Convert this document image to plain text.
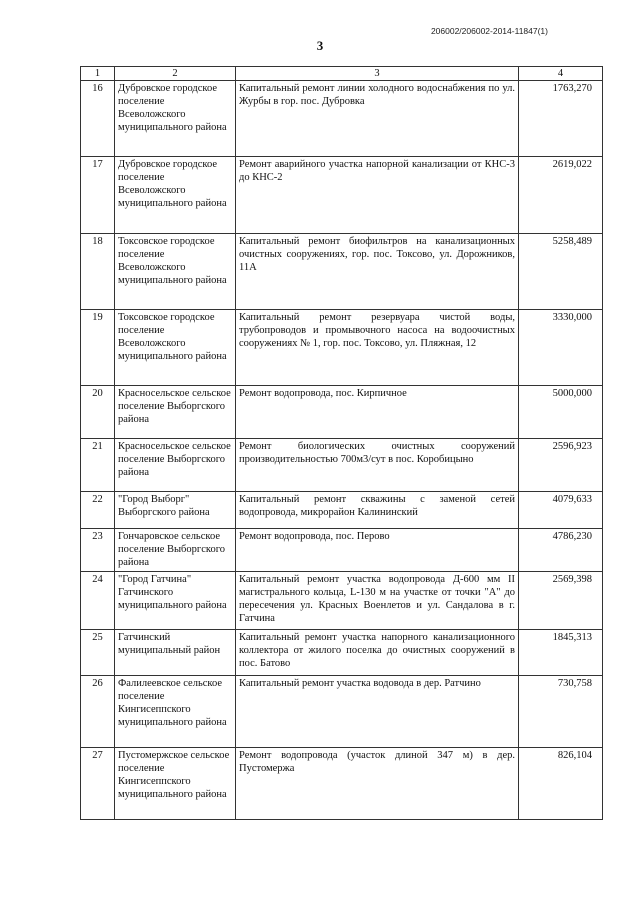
206002/206002-2014-11847(1)
3
1	2	3	4
16	Дубровское городское поселение Всеволожского муниципального района	Капитальный ремонт линии холодного водоснабжения по ул. Журбы в гор. пос. Дубровка	1763,270
17	Дубровское городское поселение Всеволожского муниципального района	Ремонт аварийного участка напорной канализации от КНС-3 до КНС-2	2619,022
18	Токсовское городское поселение Всеволожского муниципального района	Капитальный ремонт биофильтров на канализационных очистных сооружениях, гор. пос. Токсово, ул. Дорожников, 11А	5258,489
19	Токсовское городское поселение Всеволожского муниципального района	Капитальный ремонт резервуара чистой воды, трубопроводов и промывочного насоса на водоочистных сооружениях № 1, гор. пос. Токсово, ул. Пляжная, 12	3330,000
20	Красносельское сельское поселение Выборгского района	Ремонт водопровода, пос. Кирпичное	5000,000
21	Красносельское сельское поселение Выборгского района	Ремонт биологических очистных сооружений производительностью 700м3/сут в пос. Коробицыно	2596,923
22	"Город Выборг" Выборгского района	Капитальный ремонт скважины с заменой сетей водопровода, микрорайон Калининский	4079,633
23	Гончаровское сельское поселение Выборгского района	Ремонт водопровода, пос. Перово	4786,230
24	"Город Гатчина" Гатчинского муниципального района	Капитальный ремонт участка водопровода Д-600 мм II магистрального кольца, L-130 м на участке от точки "А" до пересечения ул. Красных Военлетов и ул. Сандалова в г. Гатчина	2569,398
25	Гатчинский муниципальный район	Капитальный ремонт участка напорного канализационного коллектора от жилого поселка до очистных сооружений в пос. Батово	1845,313
26	Фалилеевское сельское поселение Кингисеппского муниципального района	Капитальный ремонт участка водовода в дер. Ратчино	730,758
27	Пустомержское сельское поселение Кингисеппского муниципального района	Ремонт водопровода (участок длиной 347 м) в дер. Пустомержа	826,104
